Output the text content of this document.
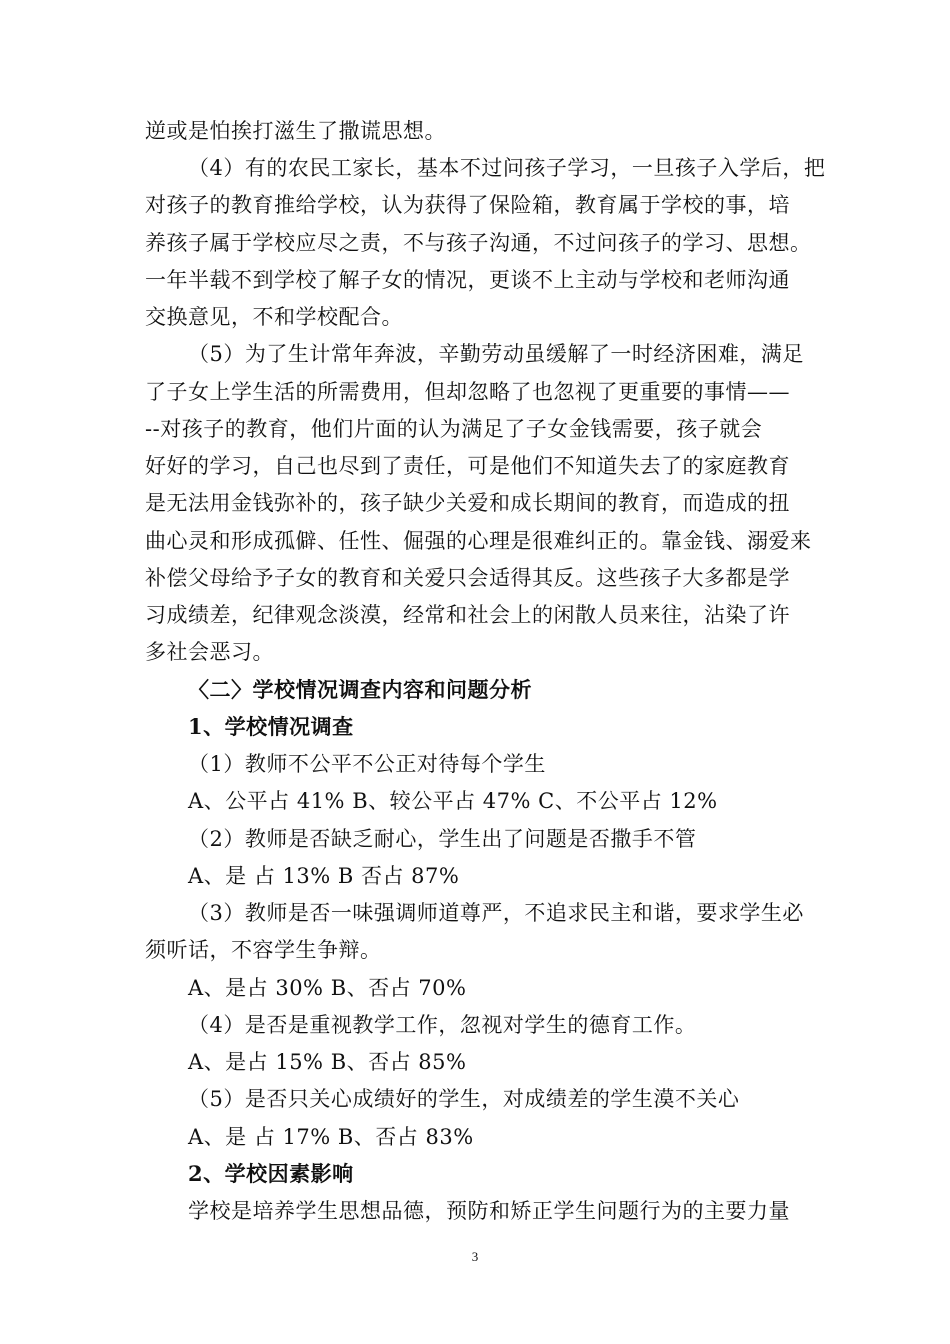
逆或是怕挨打滋生了撒谎思想。
（4）有的农民工家长，基本不过问孩子学习，一旦孩子入学后，把
对孩子的教育推给学校，认为获得了保险箱，教育属于学校的事，培
养孩子属于学校应尽之责，不与孩子沟通，不过问孩子的学习、思想。
一年半载不到学校了解子女的情况，更谈不上主动与学校和老师沟通
交换意见，不和学校配合。
（5）为了生计常年奔波，辛勤劳动虽缓解了一时经济困难，满足
了子女上学生活的所需费用，但却忽略了也忽视了更重要的事情——
--对孩子的教育，他们片面的认为满足了子女金钱需要，孩子就会
好好的学习，自己也尽到了责任，可是他们不知道失去了的家庭教育
是无法用金钱弥补的，孩子缺少关爱和成长期间的教育，而造成的扭
曲心灵和形成孤僻、任性、倔强的心理是很难纠正的。靠金钱、溺爱来
补偿父母给予子女的教育和关爱只会适得其反。这些孩子大多都是学
习成绩差，纪律观念淡漠，经常和社会上的闲散人员来往，沾染了许
多社会恶习。
〈二〉学校情况调查内容和问题分析
1、学校情况调查
（1）教师不公平不公正对待每个学生
A、公平占 41% B、较公平占 47% C、不公平占 12%
（2）教师是否缺乏耐心，学生出了问题是否撒手不管
A、是 占 13% B 否占 87%
（3）教师是否一味强调师道尊严，不追求民主和谐，要求学生必
须听话，不容学生争辩。
A、是占 30% B、否占 70%
（4）是否是重视教学工作，忽视对学生的德育工作。
A、是占 15% B、否占 85%
（5）是否只关心成绩好的学生，对成绩差的学生漠不关心
A、是 占 17% B、否占 83%
2、学校因素影响
学校是培养学生思想品德，预防和矫正学生问题行为的主要力量
3
